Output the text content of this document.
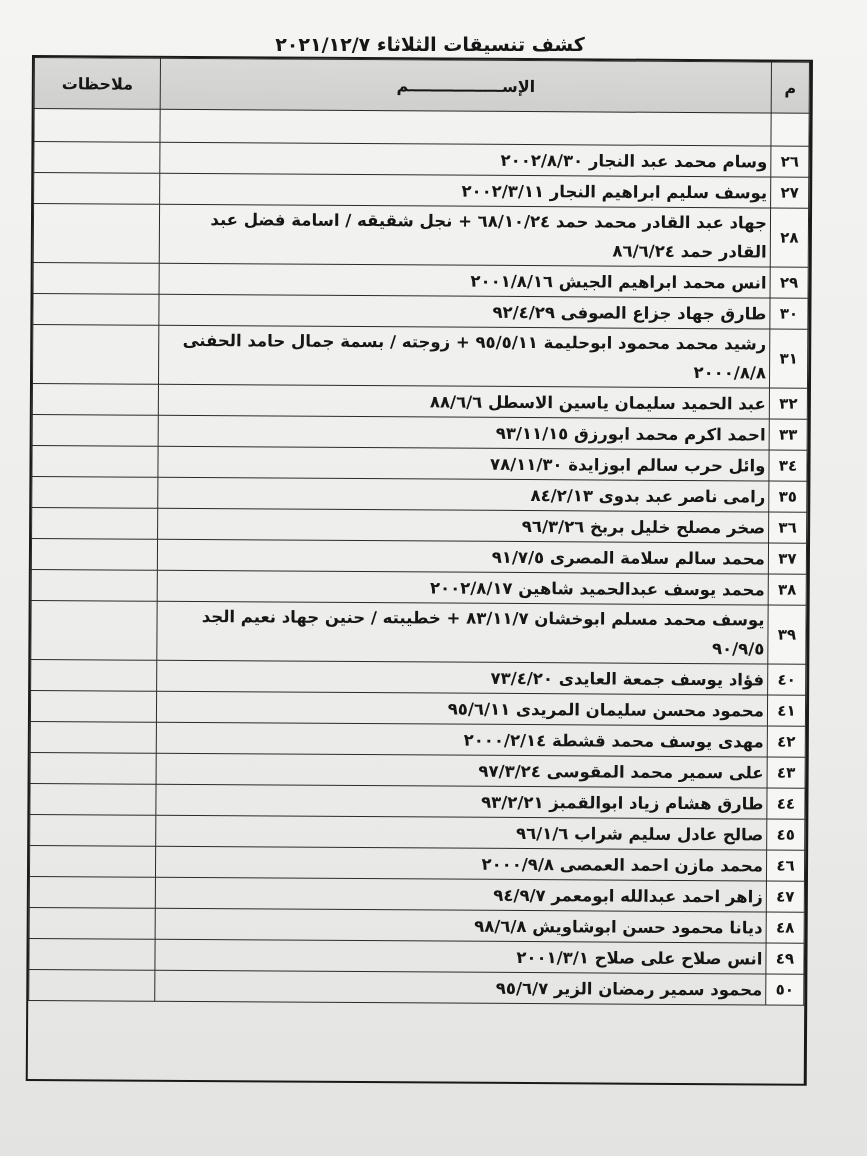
كشف تنسيقات الثلاثاء ٢٠٢١/١٢/٧
م	الإســـــــــــــــــم	ملاحظات

٢٦	وسام محمد عبد النجار ٢٠٠٢/٨/٣٠	
٢٧	يوسف سليم ابراهيم النجار ٢٠٠٢/٣/١١	
٢٨	جهاد عبد القادر محمد حمد ٦٨/١٠/٢٤ + نجل شقيقه / اسامة فضل عبد القادر حمد ٨٦/٦/٢٤	
٢٩	انس محمد ابراهيم الجيش ٢٠٠١/٨/١٦	
٣٠	طارق جهاد جزاع الصوفى ٩٢/٤/٢٩	
٣١	رشيد محمد محمود ابوحليمة ٩٥/٥/١١ + زوجته / بسمة جمال حامد الحفنى ٢٠٠٠/٨/٨	
٣٢	عبد الحميد سليمان ياسين الاسطل ٨٨/٦/٦	
٣٣	احمد اكرم محمد ابورزق ٩٣/١١/١٥	
٣٤	وائل حرب سالم ابوزايدة ٧٨/١١/٣٠	
٣٥	رامى ناصر عبد بدوى ٨٤/٢/١٣	
٣٦	صخر مصلح خليل بربخ ٩٦/٣/٢٦	
٣٧	محمد سالم سلامة المصرى ٩١/٧/٥	
٣٨	محمد يوسف عبدالحميد شاهين ٢٠٠٢/٨/١٧	
٣٩	يوسف محمد مسلم ابوخشان ٨٣/١١/٧ + خطيبته / حنين جهاد نعيم الجد ٩٠/٩/٥	
٤٠	فؤاد يوسف جمعة العايدى ٧٣/٤/٢٠	
٤١	محمود محسن سليمان المريدى ٩٥/٦/١١	
٤٢	مهدى يوسف محمد قشطة ٢٠٠٠/٢/١٤	
٤٣	على سمير محمد المقوسى ٩٧/٣/٢٤	
٤٤	طارق هشام زياد ابوالقمبز ٩٣/٢/٢١	
٤٥	صالح عادل سليم شراب ٩٦/١/٦	
٤٦	محمد مازن احمد العمصى ٢٠٠٠/٩/٨	
٤٧	زاهر احمد عبدالله ابومعمر ٩٤/٩/٧	
٤٨	ديانا محمود حسن ابوشاويش ٩٨/٦/٨	
٤٩	انس صلاح على صلاح ٢٠٠١/٣/١	
٥٠	محمود سمير رمضان الزير ٩٥/٦/٧	
